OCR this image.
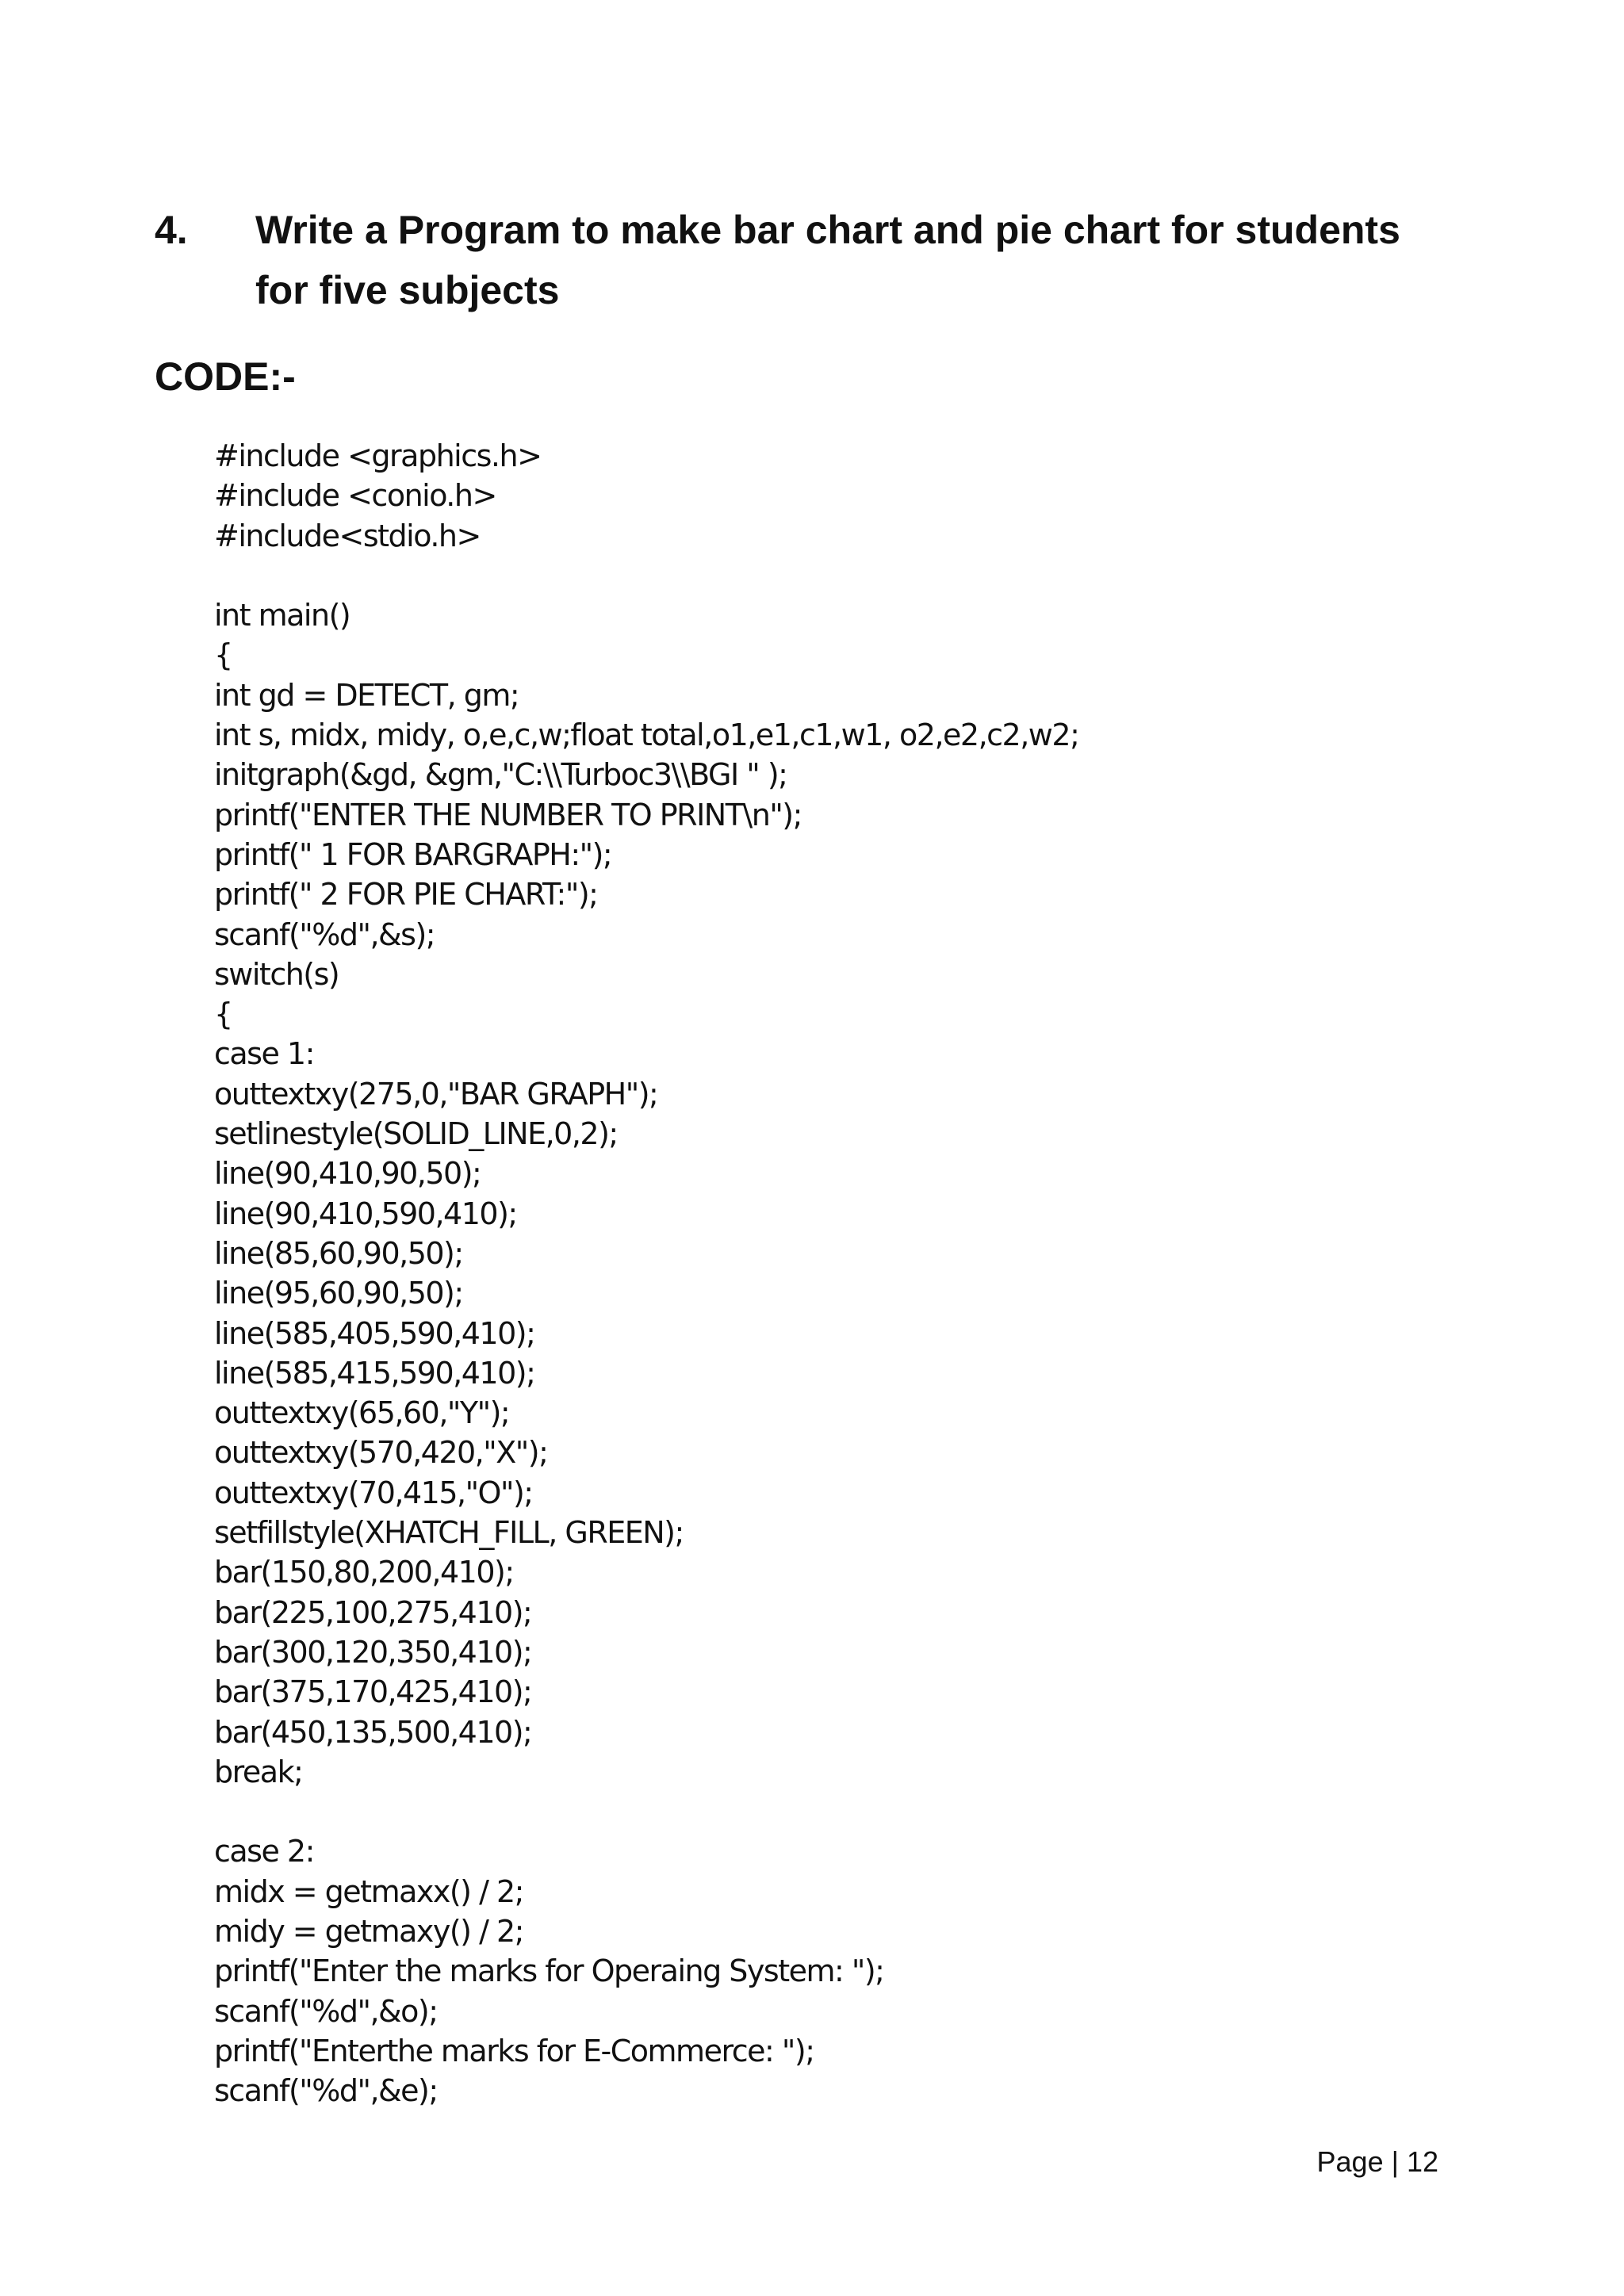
4. Write a Program to make bar chart and pie chart for students for five subjects

CODE:-

#include <graphics.h>
#include <conio.h>
#include<stdio.h>
int main()
{
int gd = DETECT, gm;
int s, midx, midy, o,e,c,w;float total,o1,e1,c1,w1, o2,e2,c2,w2;
initgraph(&gd, &gm,"C:\\Turboc3\\BGI " );
printf("ENTER THE NUMBER TO PRINT\n");
printf(" 1 FOR BARGRAPH:");
printf(" 2 FOR PIE CHART:");
scanf("%d",&s);
switch(s)
{
case 1:
outtextxy(275,0,"BAR GRAPH");
setlinestyle(SOLID_LINE,0,2);
line(90,410,90,50);
line(90,410,590,410);
line(85,60,90,50);
line(95,60,90,50);
line(585,405,590,410);
line(585,415,590,410);
outtextxy(65,60,"Y");
outtextxy(570,420,"X");
outtextxy(70,415,"O");
setfillstyle(XHATCH_FILL, GREEN);
bar(150,80,200,410);
bar(225,100,275,410);
bar(300,120,350,410);
bar(375,170,425,410);
bar(450,135,500,410);
break;
case 2:
midx = getmaxx() / 2;
midy = getmaxy() / 2;
printf("Enter the marks for Operaing System: ");
scanf("%d",&o);
printf("Enterthe marks for E-Commerce: ");
scanf("%d",&e);

Page | 12
